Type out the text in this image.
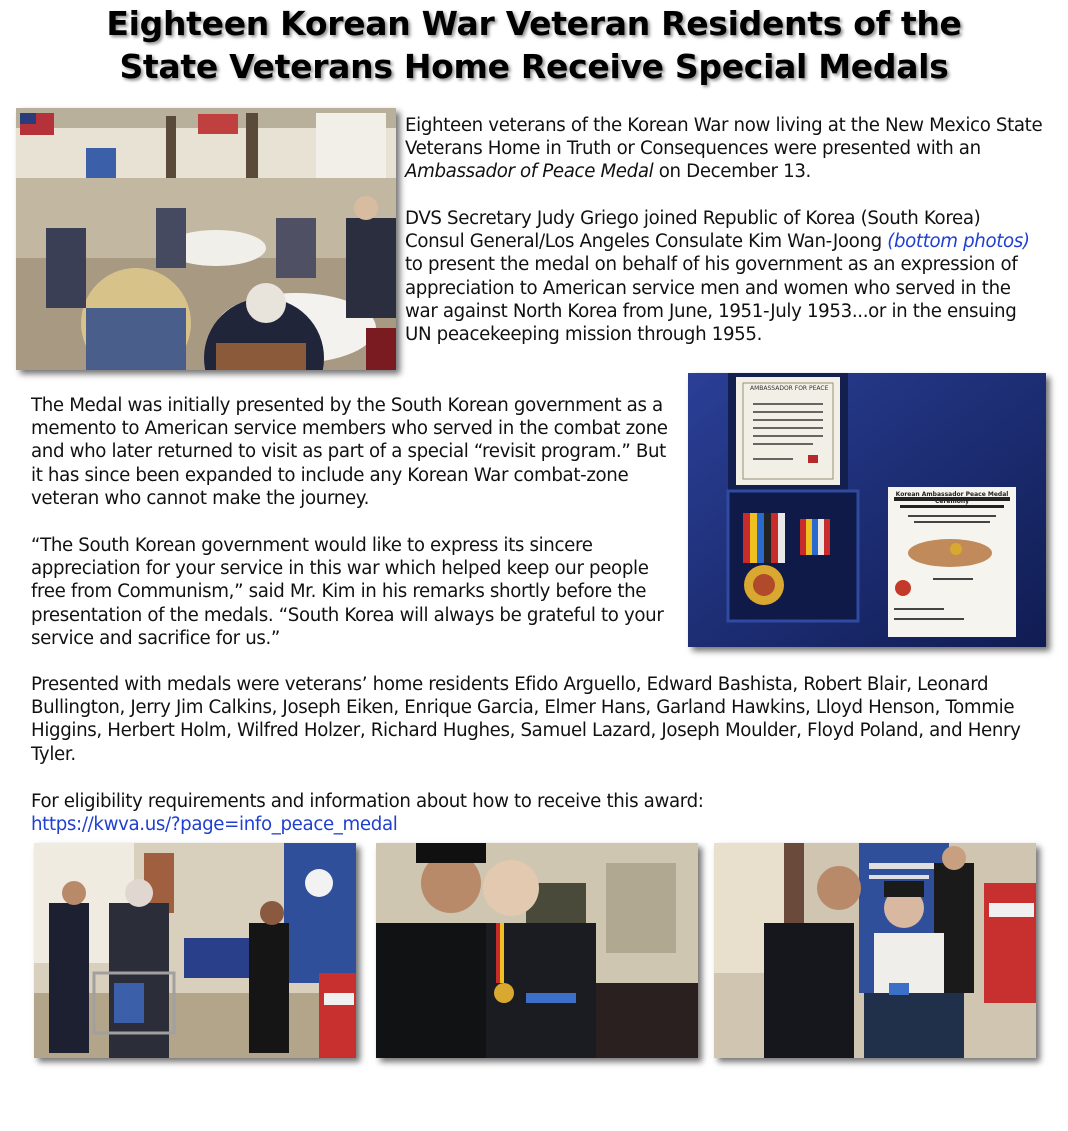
Eighteen Korean War Veteran Residents of the
State Veterans Home Receive Special Medals
Eighteen veterans of the Korean War now living at the New Mexico State Veterans Home in Truth or Consequences were presented with an Ambassador of Peace Medal on December 13.
DVS Secretary Judy Griego joined Republic of Korea (South Korea) Consul General/Los Angeles Consulate Kim Wan-Joong (bottom photos) to present the medal on behalf of his government as an expression of appreciation to American service men and women who served in the war against North Korea from June, 1951-July 1953...or in the ensuing UN peacekeeping mission through 1955.
AMBASSADOR FOR PEACE
Korean Ambassador Peace Medal Ceremony
The Medal was initially presented by the South Korean government as a memento to American service members who served in the combat zone and who later returned to visit as part of a special “revisit program.” But it has since been expanded to include any Korean War combat-zone veteran who cannot make the journey.
“The South Korean government would like to express its sincere appreciation for your service in this war which helped keep our people free from Communism,” said Mr. Kim in his remarks shortly before the presentation of the medals. “South Korea will always be grateful to your service and sacrifice for us.”
Presented with medals were veterans’ home residents Efido Arguello, Edward Bashista, Robert Blair, Leonard Bullington, Jerry Jim Calkins, Joseph Eiken, Enrique Garcia, Elmer Hans, Garland Hawkins, Lloyd Henson, Tommie Higgins, Herbert Holm, Wilfred Holzer, Richard Hughes, Samuel Lazard, Joseph Moulder, Floyd Poland, and Henry Tyler.
For eligibility requirements and information about how to receive this award:
https://kwva.us/?page=info_peace_medal
